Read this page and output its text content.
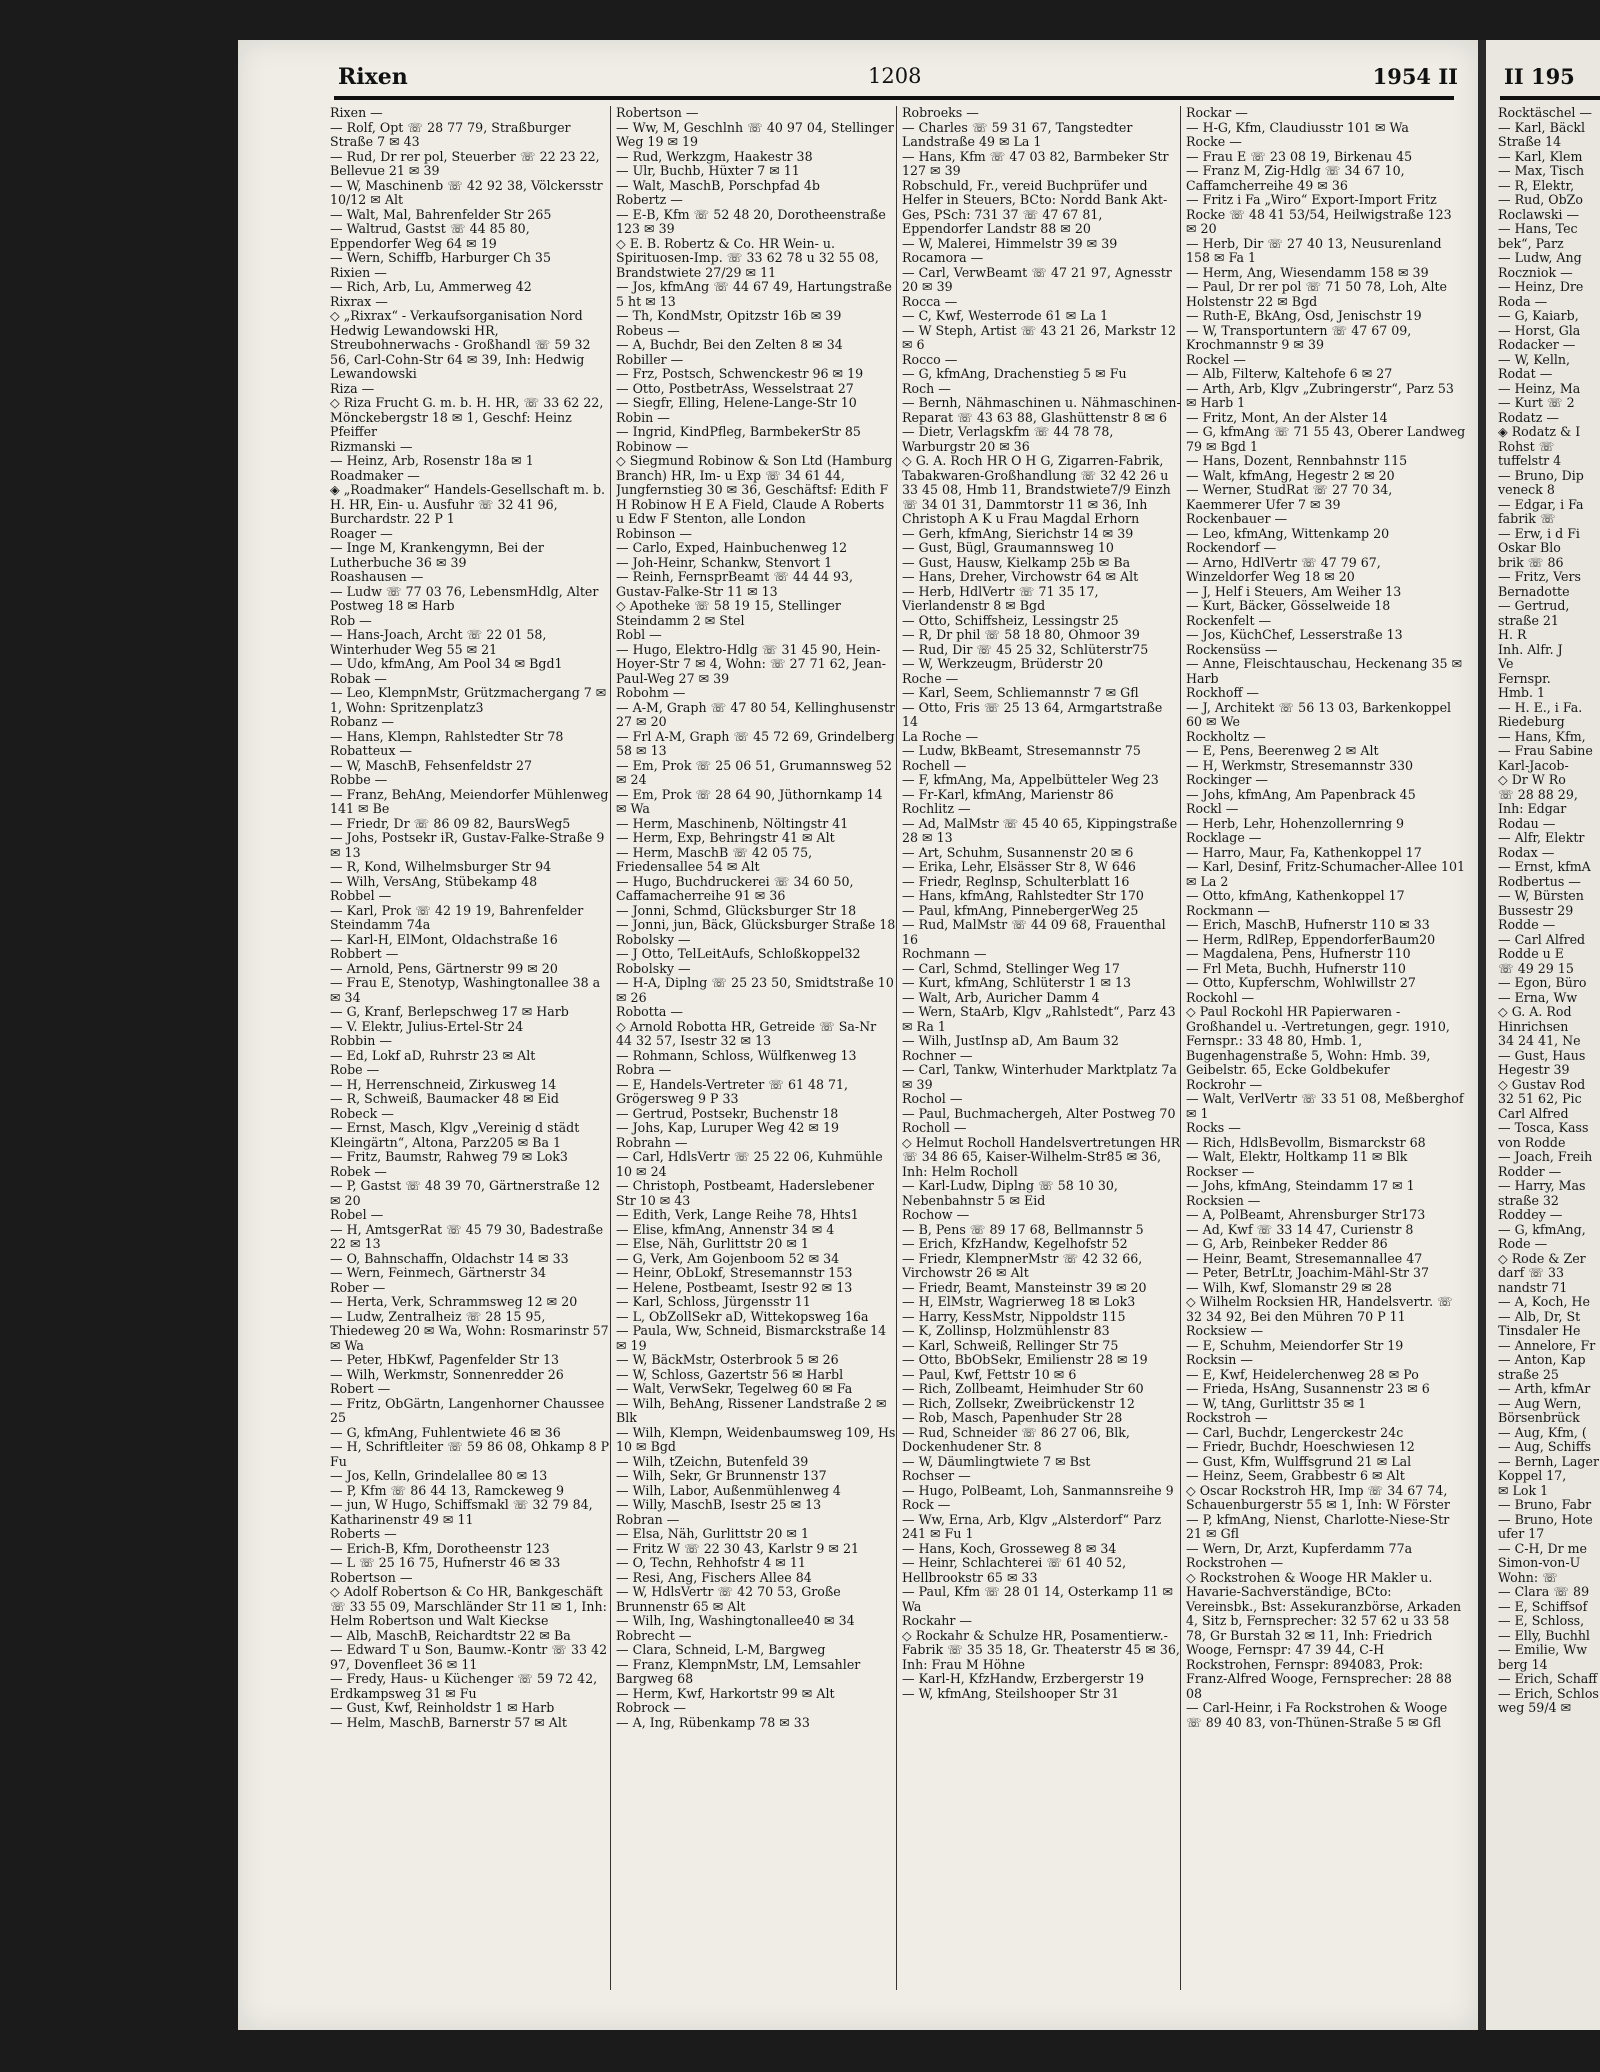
Rixen	1208	1954 II

Rixen —
— Rolf, Opt ☏ 28 77 79, Straßburger Straße 7 ✉ 43
— Rud, Dr rer pol, Steuerber ☏ 22 23 22, Bellevue 21 ✉ 39
— W, Maschinenb ☏ 42 92 38, Völckersstr 10/12 ✉ Alt
— Walt, Mal, Bahrenfelder Str 265
— Waltrud, Gastst ☏ 44 85 80, Eppendorfer Weg 64 ✉ 19
— Wern, Schiffb, Harburger Ch 35
Rixien —
— Rich, Arb, Lu, Ammerweg 42
Rixrax —
◇ „Rixrax“ - Verkaufsorganisation Nord Hedwig Lewandowski HR, Streubohnerwachs - Großhandl ☏ 59 32 56, Carl-Cohn-Str 64 ✉ 39, Inh: Hedwig Lewandowski
Riza —
◇ Riza Frucht G. m. b. H. HR, ☏ 33 62 22, Mönckebergstr 18 ✉ 1, Geschf: Heinz Pfeiffer
Rizmanski —
— Heinz, Arb, Rosenstr 18a ✉ 1
Roadmaker —
◈ „Roadmaker“ Handels-Gesellschaft m. b. H. HR, Ein- u. Ausfuhr ☏ 32 41 96, Burchardstr. 22 P 1
Roager —
— Inge M, Krankengymn, Bei der Lutherbuche 36 ✉ 39
Roashausen —
— Ludw ☏ 77 03 76, LebensmHdlg, Alter Postweg 18 ✉ Harb
Rob —
— Hans-Joach, Archt ☏ 22 01 58, Winterhuder Weg 55 ✉ 21
— Udo, kfmAng, Am Pool 34 ✉ Bgd1
Robak —
— Leo, KlempnMstr, Grützmachergang 7 ✉ 1, Wohn: Spritzenplatz3
Robanz —
— Hans, Klempn, Rahlstedter Str 78
Robatteux —
— W, MaschB, Fehsenfeldstr 27
Robbe —
— Franz, BehAng, Meiendorfer Mühlenweg 141 ✉ Be
— Friedr, Dr ☏ 86 09 82, BaursWeg5
— Johs, Postsekr iR, Gustav-Falke-Straße 9 ✉ 13
— R, Kond, Wilhelmsburger Str 94
— Wilh, VersAng, Stübekamp 48
Robbel —
— Karl, Prok ☏ 42 19 19, Bahrenfelder Steindamm 74a
— Karl-H, ElMont, Oldachstraße 16
Robbert —
— Arnold, Pens, Gärtnerstr 99 ✉ 20
— Frau E, Stenotyp, Washingtonallee 38 a ✉ 34
— G, Kranf, Berlepschweg 17 ✉ Harb
— V. Elektr, Julius-Ertel-Str 24
Robbin —
— Ed, Lokf aD, Ruhrstr 23 ✉ Alt
Robe —
— H, Herrenschneid, Zirkusweg 14
— R, Schweiß, Baumacker 48 ✉ Eid
Robeck —
— Ernst, Masch, Klgv „Vereinig d städt Kleingärtn“, Altona, Parz205 ✉ Ba 1
— Fritz, Baumstr, Rahweg 79 ✉ Lok3
Robek —
— P, Gastst ☏ 48 39 70, Gärtnerstraße 12 ✉ 20
Robel —
— H, AmtsgerRat ☏ 45 79 30, Badestraße 22 ✉ 13
— O, Bahnschaffn, Oldachstr 14 ✉ 33
— Wern, Feinmech, Gärtnerstr 34
Rober —
— Herta, Verk, Schrammsweg 12 ✉ 20
— Ludw, Zentralheiz ☏ 28 15 95, Thiedeweg 20 ✉ Wa, Wohn: Rosmarinstr 57 ✉ Wa
— Peter, HbKwf, Pagenfelder Str 13
— Wilh, Werkmstr, Sonnenredder 26
Robert —
— Fritz, ObGärtn, Langenhorner Chaussee 25
— G, kfmAng, Fuhlentwiete 46 ✉ 36
— H, Schriftleiter ☏ 59 86 08, Ohkamp 8 P Fu
— Jos, Kelln, Grindelallee 80 ✉ 13
— P, Kfm ☏ 86 44 13, Ramckeweg 9
— jun, W Hugo, Schiffsmakl ☏ 32 79 84, Katharinenstr 49 ✉ 11
Roberts —
— Erich-B, Kfm, Dorotheenstr 123
— L ☏ 25 16 75, Hufnerstr 46 ✉ 33
Robertson —
◇ Adolf Robertson & Co HR, Bankgeschäft ☏ 33 55 09, Marschländer Str 11 ✉ 1, Inh: Helm Robertson und Walt Kieckse
— Alb, MaschB, Reichardtstr 22 ✉ Ba
— Edward T u Son, Baumw.-Kontr ☏ 33 42 97, Dovenfleet 36 ✉ 11
— Fredy, Haus- u Küchenger ☏ 59 72 42, Erdkampsweg 31 ✉ Fu
— Gust, Kwf, Reinholdstr 1 ✉ Harb
— Helm, MaschB, Barnerstr 57 ✉ Alt

Robertson —
— Ww, M, Geschlnh ☏ 40 97 04, Stellinger Weg 19 ✉ 19
— Rud, Werkzgm, Haakestr 38
— Ulr, Buchb, Hüxter 7 ✉ 11
— Walt, MaschB, Porschpfad 4b
Robertz —
— E-B, Kfm ☏ 52 48 20, Dorotheenstraße 123 ✉ 39
◇ E. B. Robertz & Co. HR Wein- u. Spirituosen-Imp. ☏ 33 62 78 u 32 55 08, Brandstwiete 27/29 ✉ 11
— Jos, kfmAng ☏ 44 67 49, Hartungstraße 5 ht ✉ 13
— Th, KondMstr, Opitzstr 16b ✉ 39
Robeus —
— A, Buchdr, Bei den Zelten 8 ✉ 34
Robiller —
— Frz, Postsch, Schwenckestr 96 ✉ 19
— Otto, PostbetrAss, Wesselstraat 27
— Siegfr, Elling, Helene-Lange-Str 10
Robin —
— Ingrid, KindPfleg, BarmbekerStr 85
Robinow —
◇ Siegmund Robinow & Son Ltd (Hamburg Branch) HR, Im- u Exp ☏ 34 61 44, Jungfernstieg 30 ✉ 36, Geschäftsf: Edith F H Robinow H E A Field, Claude A Roberts u Edw F Stenton, alle London
Robinson —
— Carlo, Exped, Hainbuchenweg 12
— Joh-Heinr, Schankw, Stenvort 1
— Reinh, FernsprBeamt ☏ 44 44 93, Gustav-Falke-Str 11 ✉ 13
◇ Apotheke ☏ 58 19 15, Stellinger Steindamm 2 ✉ Stel
Robl —
— Hugo, Elektro-Hdlg ☏ 31 45 90, Hein-Hoyer-Str 7 ✉ 4, Wohn: ☏ 27 71 62, Jean-Paul-Weg 27 ✉ 39
Robohm —
— A-M, Graph ☏ 47 80 54, Kellinghusenstr 27 ✉ 20
— Frl A-M, Graph ☏ 45 72 69, Grindelberg 58 ✉ 13
— Em, Prok ☏ 25 06 51, Grumannsweg 52 ✉ 24
— Em, Prok ☏ 28 64 90, Jüthornkamp 14 ✉ Wa
— Herm, Maschinenb, Nöltingstr 41
— Herm, Exp, Behringstr 41 ✉ Alt
— Herm, MaschB ☏ 42 05 75, Friedensallee 54 ✉ Alt
— Hugo, Buchdruckerei ☏ 34 60 50, Caffamacherreihe 91 ✉ 36
— Jonni, Schmd, Glücksburger Str 18
— Jonni, jun, Bäck, Glücksburger Straße 18
Robolsky —
— J Otto, TelLeitAufs, Schloßkoppel32
Robolsky —
— H-A, Diplng ☏ 25 23 50, Smidtstraße 10 ✉ 26
Robotta —
◇ Arnold Robotta HR, Getreide ☏ Sa-Nr 44 32 57, Isestr 32 ✉ 13
— Rohmann, Schloss, Wülfkenweg 13
Robra —
— E, Handels-Vertreter ☏ 61 48 71, Grögersweg 9 P 33
— Gertrud, Postsekr, Buchenstr 18
— Johs, Kap, Luruper Weg 42 ✉ 19
Robrahn —
— Carl, HdlsVertr ☏ 25 22 06, Kuhmühle 10 ✉ 24
— Christoph, Postbeamt, Haderslebener Str 10 ✉ 43
— Edith, Verk, Lange Reihe 78, Hhts1
— Elise, kfmAng, Annenstr 34 ✉ 4
— Else, Näh, Gurlittstr 20 ✉ 1
— G, Verk, Am Gojenboom 52 ✉ 34
— Heinr, ObLokf, Stresemannstr 153
— Helene, Postbeamt, Isestr 92 ✉ 13
— Karl, Schloss, Jürgensstr 11
— L, ObZollSekr aD, Wittekopsweg 16a
— Paula, Ww, Schneid, Bismarckstraße 14 ✉ 19
— W, BäckMstr, Osterbrook 5 ✉ 26
— W, Schloss, Gazertstr 56 ✉ Harbl
— Walt, VerwSekr, Tegelweg 60 ✉ Fa
— Wilh, BehAng, Rissener Landstraße 2 ✉ Blk
— Wilh, Klempn, Weidenbaumsweg 109, Hs 10 ✉ Bgd
— Wilh, tZeichn, Butenfeld 39
— Wilh, Sekr, Gr Brunnenstr 137
— Wilh, Labor, Außenmühlenweg 4
— Willy, MaschB, Isestr 25 ✉ 13
Robran —
— Elsa, Näh, Gurlittstr 20 ✉ 1
— Fritz W ☏ 22 30 43, Karlstr 9 ✉ 21
— O, Techn, Rehhofstr 4 ✉ 11
— Resi, Ang, Fischers Allee 84
— W, HdlsVertr ☏ 42 70 53, Große Brunnenstr 65 ✉ Alt
— Wilh, Ing, Washingtonallee40 ✉ 34
Robrecht —
— Clara, Schneid, L-M, Bargweg
— Franz, KlempnMstr, LM, Lemsahler Bargweg 68
— Herm, Kwf, Harkortstr 99 ✉ Alt
Robrock —
— A, Ing, Rübenkamp 78 ✉ 33

Robroeks —
— Charles ☏ 59 31 67, Tangstedter Landstraße 49 ✉ La 1
— Hans, Kfm ☏ 47 03 82, Barmbeker Str 127 ✉ 39
Robschuld, Fr., vereid Buchprüfer und Helfer in Steuers, BCto: Nordd Bank Akt-Ges, PSch: 731 37 ☏ 47 67 81, Eppendorfer Landstr 88 ✉ 20
— W, Malerei, Himmelstr 39 ✉ 39
Rocamora —
— Carl, VerwBeamt ☏ 47 21 97, Agnesstr 20 ✉ 39
Rocca —
— C, Kwf, Westerrode 61 ✉ La 1
— W Steph, Artist ☏ 43 21 26, Markstr 12 ✉ 6
Rocco —
— G, kfmAng, Drachenstieg 5 ✉ Fu
Roch —
— Bernh, Nähmaschinen u. Nähmaschinen-Reparat ☏ 43 63 88, Glashüttenstr 8 ✉ 6
— Dietr, Verlagskfm ☏ 44 78 78, Warburgstr 20 ✉ 36
◇ G. A. Roch HR O H G, Zigarren-Fabrik, Tabakwaren-Großhandlung ☏ 32 42 26 u 33 45 08, Hmb 11, Brandstwiete7/9 Einzh ☏ 34 01 31, Dammtorstr 11 ✉ 36, Inh Christoph A K u Frau Magdal Erhorn
— Gerh, kfmAng, Sierichstr 14 ✉ 39
— Gust, Bügl, Graumannsweg 10
— Gust, Hausw, Kielkamp 25b ✉ Ba
— Hans, Dreher, Virchowstr 64 ✉ Alt
— Herb, HdlVertr ☏ 71 35 17, Vierlandenstr 8 ✉ Bgd
— Otto, Schiffsheiz, Lessingstr 25
— R, Dr phil ☏ 58 18 80, Ohmoor 39
— Rud, Dir ☏ 45 25 32, Schlüterstr75
— W, Werkzeugm, Brüderstr 20
Roche —
— Karl, Seem, Schliemannstr 7 ✉ Gfl
— Otto, Fris ☏ 25 13 64, Armgartstraße 14
La Roche —
— Ludw, BkBeamt, Stresemannstr 75
Rochell —
— F, kfmAng, Ma, Appelbütteler Weg 23
— Fr-Karl, kfmAng, Marienstr 86
Rochlitz —
— Ad, MalMstr ☏ 45 40 65, Kippingstraße 28 ✉ 13
— Art, Schuhm, Susannenstr 20 ✉ 6
— Erika, Lehr, Elsässer Str 8, W 646
— Friedr, Reglnsp, Schulterblatt 16
— Hans, kfmAng, Rahlstedter Str 170
— Paul, kfmAng, PinnebergerWeg 25
— Rud, MalMstr ☏ 44 09 68, Frauenthal 16
Rochmann —
— Carl, Schmd, Stellinger Weg 17
— Kurt, kfmAng, Schlüterstr 1 ✉ 13
— Walt, Arb, Auricher Damm 4
— Wern, StaArb, Klgv „Rahlstedt“, Parz 43 ✉ Ra 1
— Wilh, JustInsp aD, Am Baum 32
Rochner —
— Carl, Tankw, Winterhuder Marktplatz 7a ✉ 39
Rochol —
— Paul, Buchmachergeh, Alter Postweg 70
Rocholl —
◇ Helmut Rocholl Handelsvertretungen HR ☏ 34 86 65, Kaiser-Wilhelm-Str85 ✉ 36, Inh: Helm Rocholl
— Karl-Ludw, Diplng ☏ 58 10 30, Nebenbahnstr 5 ✉ Eid
Rochow —
— B, Pens ☏ 89 17 68, Bellmannstr 5
— Erich, KfzHandw, Kegelhofstr 52
— Friedr, KlempnerMstr ☏ 42 32 66, Virchowstr 26 ✉ Alt
— Friedr, Beamt, Mansteinstr 39 ✉ 20
— H, ElMstr, Wagrierweg 18 ✉ Lok3
— Harry, KessMstr, Nippoldstr 115
— K, Zollinsp, Holzmühlenstr 83
— Karl, Schweiß, Rellinger Str 75
— Otto, BbObSekr, Emilienstr 28 ✉ 19
— Paul, Kwf, Fettstr 10 ✉ 6
— Rich, Zollbeamt, Heimhuder Str 60
— Rich, Zollsekr, Zweibrückenstr 12
— Rob, Masch, Papenhuder Str 28
— Rud, Schneider ☏ 86 27 06, Blk, Dockenhudener Str. 8
— W, Däumlingtwiete 7 ✉ Bst
Rochser —
— Hugo, PolBeamt, Loh, Sanmannsreihe 9
Rock —
— Ww, Erna, Arb, Klgv „Alsterdorf“ Parz 241 ✉ Fu 1
— Hans, Koch, Grosseweg 8 ✉ 34
— Heinr, Schlachterei ☏ 61 40 52, Hellbrookstr 65 ✉ 33
— Paul, Kfm ☏ 28 01 14, Osterkamp 11 ✉ Wa
Rockahr —
◇ Rockahr & Schulze HR, Posamentierw.-Fabrik ☏ 35 35 18, Gr. Theaterstr 45 ✉ 36, Inh: Frau M Höhne
— Karl-H, KfzHandw, Erzbergerstr 19
— W, kfmAng, Steilshooper Str 31

Rockar —
— H-G, Kfm, Claudiusstr 101 ✉ Wa
Rocke —
— Frau E ☏ 23 08 19, Birkenau 45
— Franz M, Zig-Hdlg ☏ 34 67 10, Caffamcherreihe 49 ✉ 36
— Fritz i Fa „Wiro“ Export-Import Fritz Rocke ☏ 48 41 53/54, Heilwigstraße 123 ✉ 20
— Herb, Dir ☏ 27 40 13, Neusurenland 158 ✉ Fa 1
— Herm, Ang, Wiesendamm 158 ✉ 39
— Paul, Dr rer pol ☏ 71 50 78, Loh, Alte Holstenstr 22 ✉ Bgd
— Ruth-E, BkAng, Osd, Jenischstr 19
— W, Transportuntern ☏ 47 67 09, Krochmannstr 9 ✉ 39
Rockel —
— Alb, Filterw, Kaltehofe 6 ✉ 27
— Arth, Arb, Klgv „Zubringerstr“, Parz 53 ✉ Harb 1
— Fritz, Mont, An der Alster 14
— G, kfmAng ☏ 71 55 43, Oberer Landweg 79 ✉ Bgd 1
— Hans, Dozent, Rennbahnstr 115
— Walt, kfmAng, Hegestr 2 ✉ 20
— Werner, StudRat ☏ 27 70 34, Kaemmerer Ufer 7 ✉ 39
Rockenbauer —
— Leo, kfmAng, Wittenkamp 20
Rockendorf —
— Arno, HdlVertr ☏ 47 79 67, Winzeldorfer Weg 18 ✉ 20
— J, Helf i Steuers, Am Weiher 13
— Kurt, Bäcker, Gösselweide 18
Rockenfelt —
— Jos, KüchChef, Lesserstraße 13
Rockensüss —
— Anne, Fleischtauschau, Heckenang 35 ✉ Harb
Rockhoff —
— J, Architekt ☏ 56 13 03, Barkenkoppel 60 ✉ We
Rockholtz —
— E, Pens, Beerenweg 2 ✉ Alt
— H, Werkmstr, Stresemannstr 330
Rockinger —
— Johs, kfmAng, Am Papenbrack 45
Rockl —
— Herb, Lehr, Hohenzollernring 9
Rocklage —
— Harro, Maur, Fa, Kathenkoppel 17
— Karl, Desinf, Fritz-Schumacher-Allee 101 ✉ La 2
— Otto, kfmAng, Kathenkoppel 17
Rockmann —
— Erich, MaschB, Hufnerstr 110 ✉ 33
— Herm, RdlRep, EppendorferBaum20
— Magdalena, Pens, Hufnerstr 110
— Frl Meta, Buchh, Hufnerstr 110
— Otto, Kupferschm, Wohlwillstr 27
Rockohl —
◇ Paul Rockohl HR Papierwaren - Großhandel u. -Vertretungen, gegr. 1910, Fernspr.: 33 48 80, Hmb. 1, Bugenhagenstraße 5, Wohn: Hmb. 39, Geibelstr. 65, Ecke Goldbekufer
Rockrohr —
— Walt, VerlVertr ☏ 33 51 08, Meßberghof ✉ 1
Rocks —
— Rich, HdlsBevollm, Bismarckstr 68
— Walt, Elektr, Holtkamp 11 ✉ Blk
Rockser —
— Johs, kfmAng, Steindamm 17 ✉ 1
Rocksien —
— A, PolBeamt, Ahrensburger Str173
— Ad, Kwf ☏ 33 14 47, Curienstr 8
— G, Arb, Reinbeker Redder 86
— Heinr, Beamt, Stresemannallee 47
— Peter, BetrLtr, Joachim-Mähl-Str 37
— Wilh, Kwf, Slomanstr 29 ✉ 28
◇ Wilhelm Rocksien HR, Handelsvertr. ☏ 32 34 92, Bei den Mühren 70 P 11
Rocksiew —
— E, Schuhm, Meiendorfer Str 19
Rocksin —
— E, Kwf, Heidelerchenweg 28 ✉ Po
— Frieda, HsAng, Susannenstr 23 ✉ 6
— W, tAng, Gurlittstr 35 ✉ 1
Rockstroh —
— Carl, Buchdr, Lengerckestr 24c
— Friedr, Buchdr, Hoeschwiesen 12
— Gust, Kfm, Wulffsgrund 21 ✉ Lal
— Heinz, Seem, Grabbestr 6 ✉ Alt
◇ Oscar Rockstroh HR, Imp ☏ 34 67 74, Schauenburgerstr 55 ✉ 1, Inh: W Förster
— P, kfmAng, Nienst, Charlotte-Niese-Str 21 ✉ Gfl
— Wern, Dr, Arzt, Kupferdamm 77a
Rockstrohen —
◇ Rockstrohen & Wooge HR Makler u. Havarie-Sachverständige, BCto: Vereinsbk., Bst: Assekuranzbörse, Arkaden 4, Sitz b, Fernsprecher: 32 57 62 u 33 58 78, Gr Burstah 32 ✉ 11, Inh: Friedrich Wooge, Fernspr: 47 39 44, C-H Rockstrohen, Fernspr: 894083, Prok: Franz-Alfred Wooge, Fernsprecher: 28 88 08
— Carl-Heinr, i Fa Rockstrohen & Wooge ☏ 89 40 83, von-Thünen-Straße 5 ✉ Gfl

II 195
Rocktäschel —
— Karl, Bäckl
Straße 14
— Karl, Klem
— Max, Tisch
— R, Elektr,
— Rud, ObZo
Roclawski —
— Hans, Tec
bek“, Parz
— Ludw, Ang
Roczniok —
— Heinz, Dre
Roda —
— G, Kaiarb,
— Horst, Gla
Rodacker —
— W, Kelln,
Rodat —
— Heinz, Ma
— Kurt ☏ 2
Rodatz —
◈ Rodatz & I
Rohst ☏
tuffelstr 4
— Bruno, Dip
veneck 8
— Edgar, i Fa
fabrik ☏
— Erw, i d Fi
Oskar Blo
brik ☏ 86
— Fritz, Vers
Bernadotte
— Gertrud,
straße 21
H. R
Inh. Alfr. J
Ve
Fernspr.
Hmb. 1
— H. E., i Fa.
Riedeburg
— Hans, Kfm,
— Frau Sabine
Karl-Jacob-
◇ Dr W Ro
☏ 28 88 29,
Inh: Edgar
Rodau —
— Alfr, Elektr
Rodax —
— Ernst, kfmA
Rodbertus —
— W, Bürsten
Bussestr 29
Rodde —
— Carl Alfred
Rodde u E
☏ 49 29 15
— Egon, Büro
— Erna, Ww
◇ G. A. Rod
Hinrichsen
34 24 41, Ne
— Gust, Haus
Hegestr 39
◇ Gustav Rod
32 51 62, Pic
Carl Alfred
— Tosca, Kass
von Rodde
— Joach, Freih
Rodder —
— Harry, Mas
straße 32
Roddey —
— G, kfmAng,
Rode —
◇ Rode & Zer
darf ☏ 33
nandstr 71
— A, Koch, He
— Alb, Dr, St
Tinsdaler He
— Annelore, Fr
— Anton, Kap
straße 25
— Arth, kfmAr
— Aug Wern,
Börsenbrück
— Aug, Kfm, (
— Aug, Schiffs
— Bernh, Lager
Koppel 17,
✉ Lok 1
— Bruno, Fabr
— Bruno, Hote
ufer 17
— C-H, Dr me
Simon-von-U
Wohn: ☏
— Clara ☏ 89
— E, Schiffsof
— E, Schloss,
— Elly, Buchhl
— Emilie, Ww
berg 14
— Erich, Schaff
— Erich, Schlos
weg 59/4 ✉
